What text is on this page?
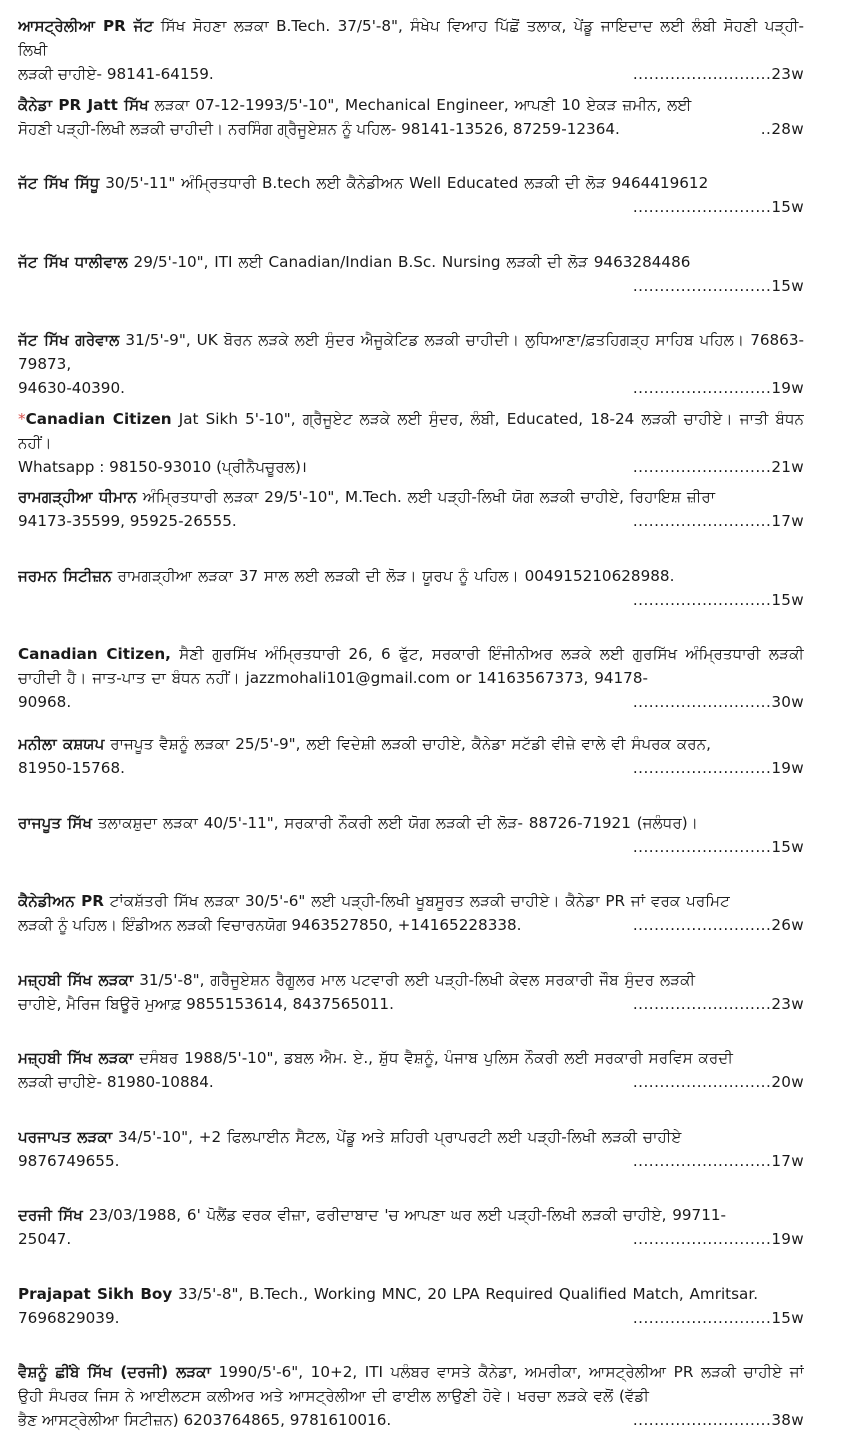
ਆਸਟ੍ਰੇਲੀਆ PR ਜੱਟ ਸਿੱਖ ਸੋਹਣਾ ਲੜਕਾ B.Tech. 37/5'-8", ਸੰਖੇਪ ਵਿਆਹ ਪਿੱਛੋਂ ਤਲਾਕ, ਪੇਂਡੂ ਜਾਇਦਾਦ ਲਈ ਲੰਬੀ ਸੋਹਣੀ ਪੜ੍ਹੀ-ਲਿਖੀ

ਲੜਕੀ ਚਾਹੀਏ- 98141-64159.	..........................23w

ਕੈਨੇਡਾ PR Jatt ਸਿੱਖ ਲੜਕਾ 07-12-1993/5'-10", Mechanical Engineer, ਆਪਣੀ 10 ਏਕੜ ਜ਼ਮੀਨ, ਲਈ

ਸੋਹਣੀ ਪੜ੍ਹੀ-ਲਿਖੀ ਲੜਕੀ ਚਾਹੀਦੀ। ਨਰਸਿੰਗ ਗ੍ਰੈਜੂਏਸ਼ਨ ਨੂੰ ਪਹਿਲ- 98141-13526, 87259-12364.	..28w

ਜੱਟ ਸਿੱਖ ਸਿੱਧੂ 30/5'-11" ਅੰਮ੍ਰਿਤਧਾਰੀ B.tech ਲਈ ਕੈਨੇਡੀਅਨ Well Educated ਲੜਕੀ ਦੀ ਲੋੜ 9464419612

..........................15w

ਜੱਟ ਸਿੱਖ ਧਾਲੀਵਾਲ 29/5'-10", ITI ਲਈ Canadian/Indian B.Sc. Nursing ਲੜਕੀ ਦੀ ਲੋੜ 9463284486

..........................15w

ਜੱਟ ਸਿੱਖ ਗਰੇਵਾਲ 31/5'-9", UK ਬੋਰਨ ਲੜਕੇ ਲਈ ਸੁੰਦਰ ਐਜੂਕੇਟਿਡ ਲੜਕੀ ਚਾਹੀਦੀ। ਲੁਧਿਆਣਾ/ਫ਼ਤਹਿਗੜ੍ਹ ਸਾਹਿਬ ਪਹਿਲ। 76863-79873,

94630-40390.	..........................19w

*Canadian Citizen Jat Sikh 5'-10", ਗ੍ਰੈਜੂਏਟ ਲੜਕੇ ਲਈ ਸੁੰਦਰ, ਲੰਬੀ, Educated, 18-24 ਲੜਕੀ ਚਾਹੀਏ। ਜਾਤੀ ਬੰਧਨ ਨਹੀਂ।

Whatsapp : 98150-93010 (ਪ੍ਰੀਨੈਪਚੂਰਲ)।	..........................21w

ਰਾਮਗੜ੍ਹੀਆ ਧੀਮਾਨ ਅੰਮ੍ਰਿਤਧਾਰੀ ਲੜਕਾ 29/5'-10", M.Tech. ਲਈ ਪੜ੍ਹੀ-ਲਿਖੀ ਯੋਗ ਲੜਕੀ ਚਾਹੀਏ, ਰਿਹਾਇਸ਼ ਜ਼ੀਰਾ

94173-35599, 95925-26555.	..........................17w

ਜਰਮਨ ਸਿਟੀਜ਼ਨ ਰਾਮਗੜ੍ਹੀਆ ਲੜਕਾ 37 ਸਾਲ ਲਈ ਲੜਕੀ ਦੀ ਲੋੜ। ਯੂਰਪ ਨੂੰ ਪਹਿਲ। 004915210628988.

..........................15w

Canadian Citizen, ਸੈਣੀ ਗੁਰਸਿੱਖ ਅੰਮ੍ਰਿਤਧਾਰੀ 26, 6 ਫੁੱਟ, ਸਰਕਾਰੀ ਇੰਜੀਨੀਅਰ ਲੜਕੇ ਲਈ ਗੁਰਸਿੱਖ ਅੰਮ੍ਰਿਤਧਾਰੀ ਲੜਕੀ ਚਾਹੀਦੀ ਹੈ। ਜਾਤ-ਪਾਤ ਦਾ ਬੰਧਨ ਨਹੀਂ। jazzmohali101@gmail.com or 14163567373, 94178-

90968.	..........................30w

ਮਨੀਲਾ ਕਸ਼ਯਪ ਰਾਜਪੂਤ ਵੈਸ਼ਨੂੰ ਲੜਕਾ 25/5'-9", ਲਈ ਵਿਦੇਸ਼ੀ ਲੜਕੀ ਚਾਹੀਏ, ਕੈਨੇਡਾ ਸਟੱਡੀ ਵੀਜ਼ੇ ਵਾਲੇ ਵੀ ਸੰਪਰਕ ਕਰਨ,

81950-15768.	..........................19w

ਰਾਜਪੂਤ ਸਿੱਖ ਤਲਾਕਸ਼ੁਦਾ ਲੜਕਾ 40/5'-11", ਸਰਕਾਰੀ ਨੌਕਰੀ ਲਈ ਯੋਗ ਲੜਕੀ ਦੀ ਲੋੜ- 88726-71921 (ਜਲੰਧਰ)।

..........................15w

ਕੈਨੇਡੀਅਨ PR ਟਾਂਕਸ਼ੱਤਰੀ ਸਿੱਖ ਲੜਕਾ 30/5'-6" ਲਈ ਪੜ੍ਹੀ-ਲਿਖੀ ਖੂਬਸੂਰਤ ਲੜਕੀ ਚਾਹੀਏ। ਕੈਨੇਡਾ PR ਜਾਂ ਵਰਕ ਪਰਮਿਟ

ਲੜਕੀ ਨੂੰ ਪਹਿਲ। ਇੰਡੀਅਨ ਲੜਕੀ ਵਿਚਾਰਨਯੋਗ 9463527850, +14165228338.	..........................26w

ਮਜ਼੍ਹਬੀ ਸਿੱਖ ਲੜਕਾ 31/5'-8", ਗਰੈਜੂਏਸ਼ਨ ਰੈਗੂਲਰ ਮਾਲ ਪਟਵਾਰੀ ਲਈ ਪੜ੍ਹੀ-ਲਿਖੀ ਕੇਵਲ ਸਰਕਾਰੀ ਜੌਬ ਸੁੰਦਰ ਲੜਕੀ

ਚਾਹੀਏ, ਮੈਰਿਜ ਬਿਊਰੋ ਮੁਆਫ਼ 9855153614, 8437565011.	..........................23w

ਮਜ਼੍ਹਬੀ ਸਿੱਖ ਲੜਕਾ ਦਸੰਬਰ 1988/5'-10", ਡਬਲ ਐਮ. ਏ., ਸ਼ੁੱਧ ਵੈਸ਼ਨੂੰ, ਪੰਜਾਬ ਪੁਲਿਸ ਨੌਕਰੀ ਲਈ ਸਰਕਾਰੀ ਸਰਵਿਸ ਕਰਦੀ

ਲੜਕੀ ਚਾਹੀਏ- 81980-10884.	..........................20w

ਪਰਜਾਪਤ ਲੜਕਾ 34/5'-10", +2 ਫਿਲਪਾਈਨ ਸੈਟਲ, ਪੇਂਡੂ ਅਤੇ ਸ਼ਹਿਰੀ ਪ੍ਰਾਪਰਟੀ ਲਈ ਪੜ੍ਹੀ-ਲਿਖੀ ਲੜਕੀ ਚਾਹੀਏ

9876749655.	..........................17w

ਦਰਜੀ ਸਿੱਖ 23/03/1988, 6' ਪੋਲੈਂਡ ਵਰਕ ਵੀਜ਼ਾ, ਫਰੀਦਾਬਾਦ 'ਚ ਆਪਣਾ ਘਰ ਲਈ ਪੜ੍ਹੀ-ਲਿਖੀ ਲੜਕੀ ਚਾਹੀਏ, 99711-

25047.	..........................19w

Prajapat Sikh Boy 33/5'-8", B.Tech., Working MNC, 20 LPA Required Qualified Match, Amritsar.

7696829039.	..........................15w

ਵੈਸ਼ਨੂੰ ਛੀਂਬੇ ਸਿੱਖ (ਦਰਜੀ) ਲੜਕਾ 1990/5'-6", 10+2, ITI ਪਲੰਬਰ ਵਾਸਤੇ ਕੈਨੇਡਾ, ਅਮਰੀਕਾ, ਆਸਟ੍ਰੇਲੀਆ PR ਲੜਕੀ ਚਾਹੀਏ ਜਾਂ ਉਹੀ ਸੰਪਰਕ ਜਿਸ ਨੇ ਆਈਲਟਸ ਕਲੀਅਰ ਅਤੇ ਆਸਟ੍ਰੇਲੀਆ ਦੀ ਫਾਈਲ ਲਾਉਣੀ ਹੋਵੇ। ਖਰਚਾ ਲੜਕੇ ਵਲੋਂ (ਵੱਡੀ

ਭੈਣ ਆਸਟ੍ਰੇਲੀਆ ਸਿਟੀਜ਼ਨ) 6203764865, 9781610016.	..........................38w
